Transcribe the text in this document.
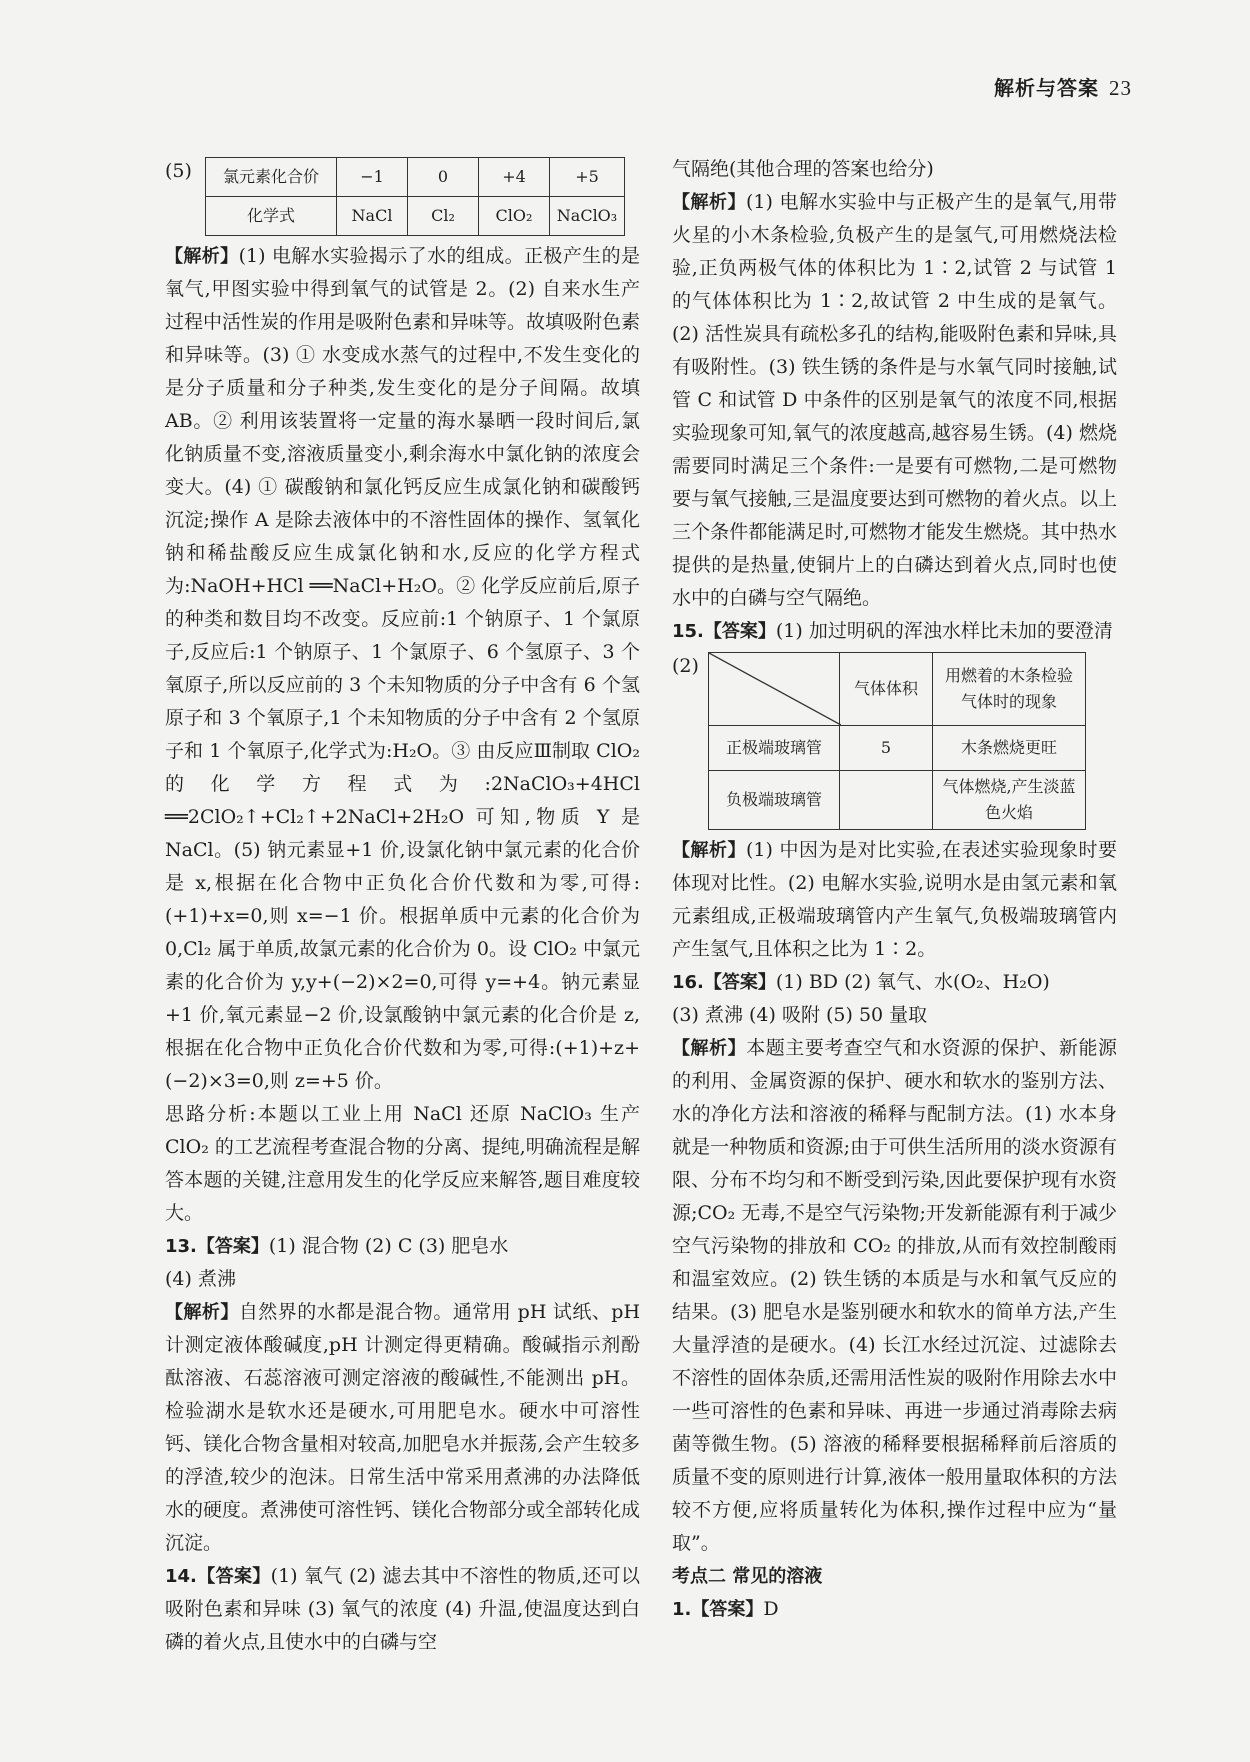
解析与答案 23
(5)	氯元素化合价	−1	0	+4	+5
化学式	NaCl	Cl₂	ClO₂	NaClO₃

【解析】(1) 电解水实验揭示了水的组成。正极产生的是氧气,甲图实验中得到氧气的试管是 2。(2) 自来水生产过程中活性炭的作用是吸附色素和异味等。故填吸附色素和异味等。(3) ① 水变成水蒸气的过程中,不发生变化的是分子质量和分子种类,发生变化的是分子间隔。故填 AB。② 利用该装置将一定量的海水暴晒一段时间后,氯化钠质量不变,溶液质量变小,剩余海水中氯化钠的浓度会变大。(4) ① 碳酸钠和氯化钙反应生成氯化钠和碳酸钙沉淀;操作 A 是除去液体中的不溶性固体的操作、氢氧化钠和稀盐酸反应生成氯化钠和水,反应的化学方程式为:NaOH+HCl ══NaCl+H₂O。② 化学反应前后,原子的种类和数目均不改变。反应前:1 个钠原子、1 个氯原子,反应后:1 个钠原子、1 个氯原子、6 个氢原子、3 个氧原子,所以反应前的 3 个未知物质的分子中含有 6 个氢原子和 3 个氧原子,1 个未知物质的分子中含有 2 个氢原子和 1 个氧原子,化学式为:H₂O。③ 由反应Ⅲ制取 ClO₂ 的化学方程式为:2NaClO₃+4HCl ══2ClO₂↑+Cl₂↑+2NaCl+2H₂O 可知,物质 Y 是 NaCl。(5) 钠元素显+1 价,设氯化钠中氯元素的化合价是 x,根据在化合物中正负化合价代数和为零,可得:(+1)+x=0,则 x=−1 价。根据单质中元素的化合价为 0,Cl₂ 属于单质,故氯元素的化合价为 0。设 ClO₂ 中氯元素的化合价为 y,y+(−2)×2=0,可得 y=+4。钠元素显+1 价,氧元素显−2 价,设氯酸钠中氯元素的化合价是 z,根据在化合物中正负化合价代数和为零,可得:(+1)+z+(−2)×3=0,则 z=+5 价。

思路分析:本题以工业上用 NaCl 还原 NaClO₃ 生产 ClO₂ 的工艺流程考查混合物的分离、提纯,明确流程是解答本题的关键,注意用发生的化学反应来解答,题目难度较大。

13.【答案】(1) 混合物 (2) C (3) 肥皂水

(4) 煮沸

【解析】自然界的水都是混合物。通常用 pH 试纸、pH 计测定液体酸碱度,pH 计测定得更精确。酸碱指示剂酚酞溶液、石蕊溶液可测定溶液的酸碱性,不能测出 pH。检验湖水是软水还是硬水,可用肥皂水。硬水中可溶性钙、镁化合物含量相对较高,加肥皂水并振荡,会产生较多的浮渣,较少的泡沫。日常生活中常采用煮沸的办法降低水的硬度。煮沸使可溶性钙、镁化合物部分或全部转化成沉淀。

14.【答案】(1) 氧气 (2) 滤去其中不溶性的物质,还可以吸附色素和异味 (3) 氧气的浓度 (4) 升温,使温度达到白磷的着火点,且使水中的白磷与空

气隔绝(其他合理的答案也给分)

【解析】(1) 电解水实验中与正极产生的是氧气,用带火星的小木条检验,负极产生的是氢气,可用燃烧法检验,正负两极气体的体积比为 1∶2,试管 2 与试管 1 的气体体积比为 1∶2,故试管 2 中生成的是氧气。(2) 活性炭具有疏松多孔的结构,能吸附色素和异味,具有吸附性。(3) 铁生锈的条件是与水氧气同时接触,试管 C 和试管 D 中条件的区别是氧气的浓度不同,根据实验现象可知,氧气的浓度越高,越容易生锈。(4) 燃烧需要同时满足三个条件:一是要有可燃物,二是可燃物要与氧气接触,三是温度要达到可燃物的着火点。以上三个条件都能满足时,可燃物才能发生燃烧。其中热水提供的是热量,使铜片上的白磷达到着火点,同时也使水中的白磷与空气隔绝。

15.【答案】(1) 加过明矾的浑浊水样比未加的要澄清

(2)
	气体体积	用燃着的木条检验气体时的现象
正极端玻璃管	5	木条燃烧更旺
负极端玻璃管		气体燃烧,产生淡蓝色火焰

【解析】(1) 中因为是对比实验,在表述实验现象时要体现对比性。(2) 电解水实验,说明水是由氢元素和氧元素组成,正极端玻璃管内产生氧气,负极端玻璃管内产生氢气,且体积之比为 1∶2。

16.【答案】(1) BD (2) 氧气、水(O₂、H₂O)

(3) 煮沸 (4) 吸附 (5) 50 量取

【解析】本题主要考查空气和水资源的保护、新能源的利用、金属资源的保护、硬水和软水的鉴别方法、水的净化方法和溶液的稀释与配制方法。(1) 水本身就是一种物质和资源;由于可供生活所用的淡水资源有限、分布不均匀和不断受到污染,因此要保护现有水资源;CO₂ 无毒,不是空气污染物;开发新能源有利于减少空气污染物的排放和 CO₂ 的排放,从而有效控制酸雨和温室效应。(2) 铁生锈的本质是与水和氧气反应的结果。(3) 肥皂水是鉴别硬水和软水的简单方法,产生大量浮渣的是硬水。(4) 长江水经过沉淀、过滤除去不溶性的固体杂质,还需用活性炭的吸附作用除去水中一些可溶性的色素和异味、再进一步通过消毒除去病菌等微生物。(5) 溶液的稀释要根据稀释前后溶质的质量不变的原则进行计算,液体一般用量取体积的方法较不方便,应将质量转化为体积,操作过程中应为“量取”。

考点二 常见的溶液

1.【答案】D
